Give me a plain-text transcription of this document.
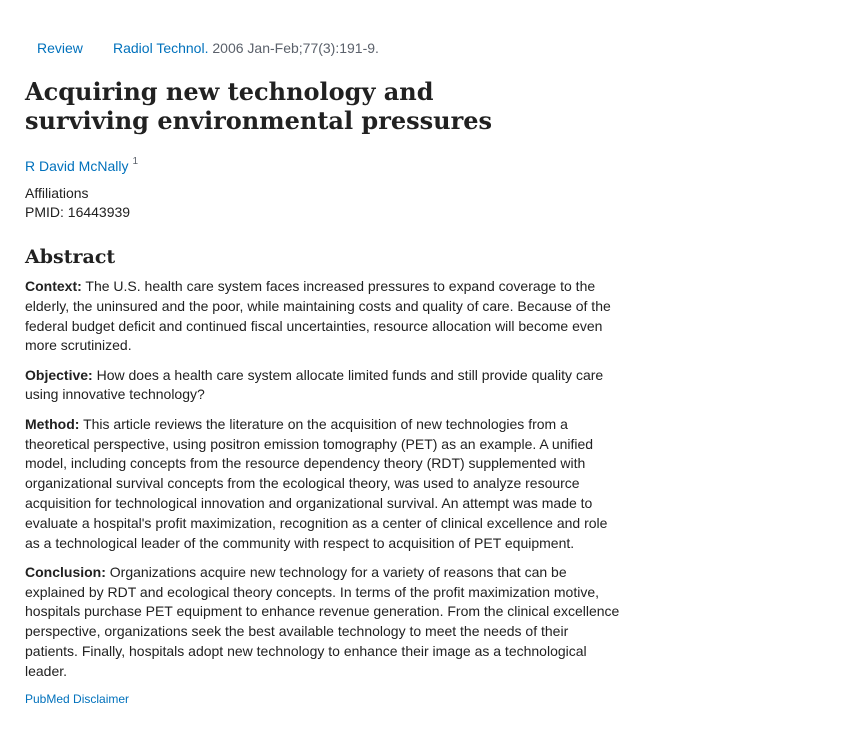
Review Radiol Technol. 2006 Jan-Feb;77(3):191-9.
Acquiring new technology and surviving environmental pressures
R David McNally $^1$
Affiliations
PMID: 16443939
Abstract

Context: The U.S. health care system faces increased pressures to expand coverage to the elderly, the uninsured and the poor, while maintaining costs and quality of care. Because of the federal budget deficit and continued fiscal uncertainties, resource allocation will become even more scrutinized.

Objective: How does a health care system allocate limited funds and still provide quality care using innovative technology?

Method: This article reviews the literature on the acquisition of new technologies from a theoretical perspective, using positron emission tomography (PET) as an example. A unified model, including concepts from the resource dependency theory (RDT) supplemented with organizational survival concepts from the ecological theory, was used to analyze resource acquisition for technological innovation and organizational survival. An attempt was made to evaluate a hospital's profit maximization, recognition as a center of clinical excellence and role as a technological leader of the community with respect to acquisition of PET equipment.

Conclusion: Organizations acquire new technology for a variety of reasons that can be explained by RDT and ecological theory concepts. In terms of the profit maximization motive, hospitals purchase PET equipment to enhance revenue generation. From the clinical excellence perspective, organizations seek the best available technology to meet the needs of their patients. Finally, hospitals adopt new technology to enhance their image as a technological leader.

PubMed Disclaimer
